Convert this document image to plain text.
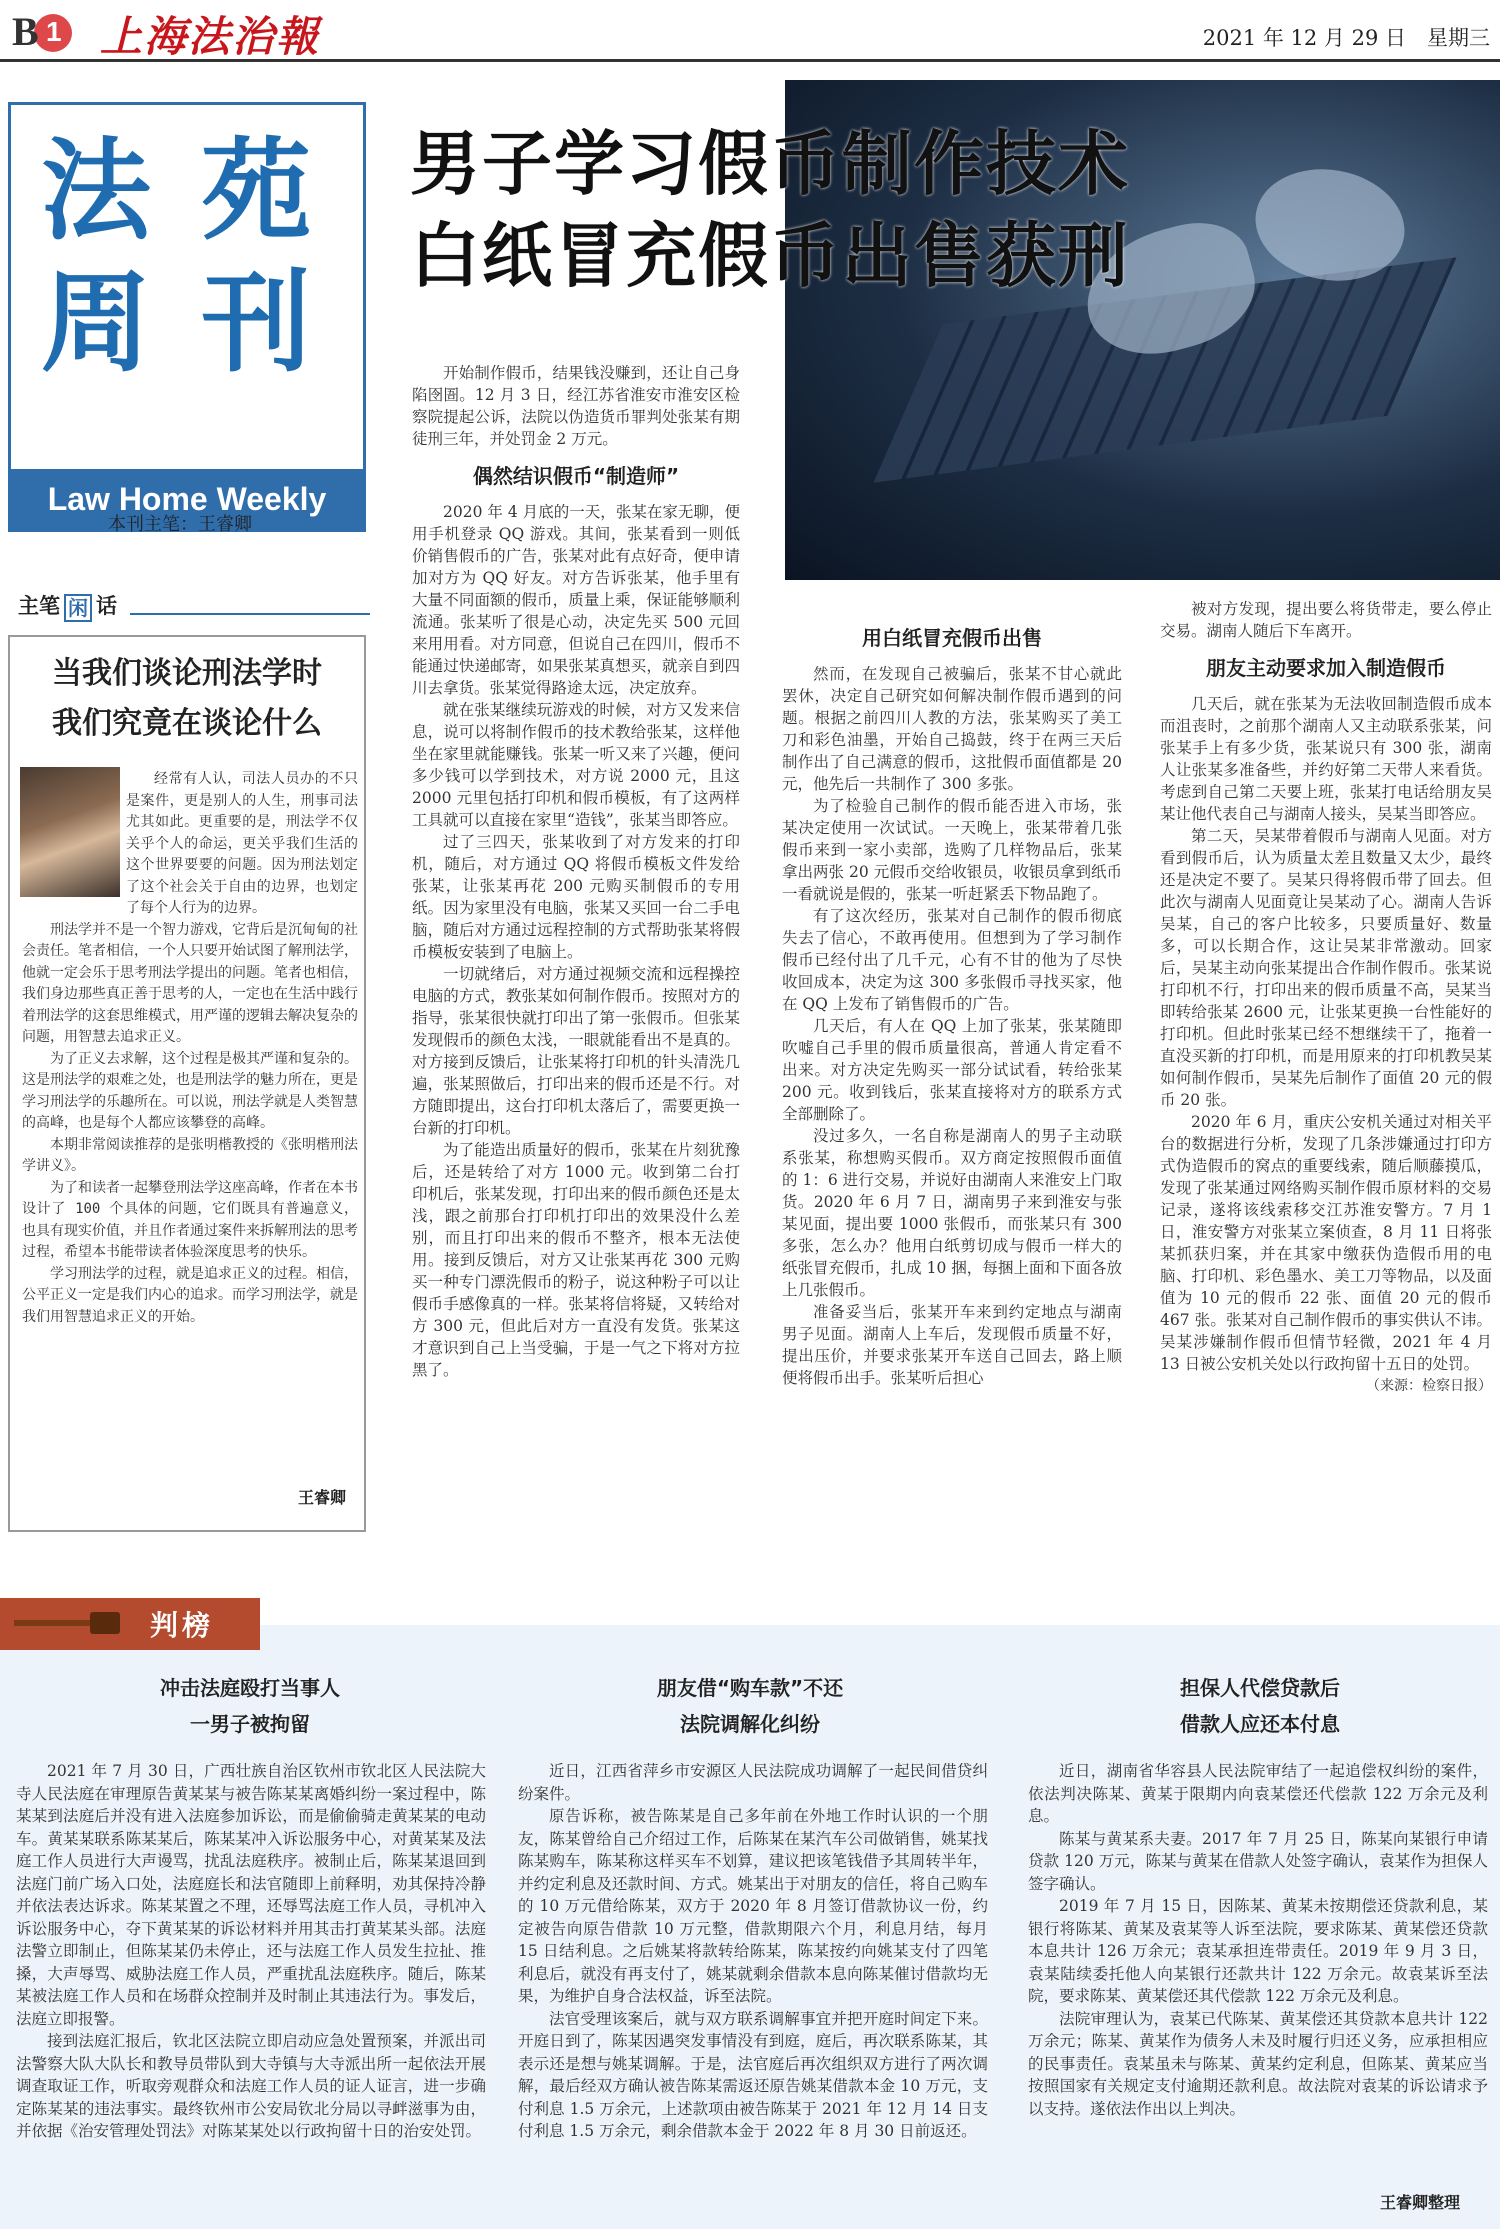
B 1 上海法治報	2021 年 12 月 29 日　星期三
法 苑
周 刊
Law Home Weekly
本刊主笔：王睿卿
主笔 闲 话
当我们谈论刑法学时
我们究竟在谈论什么

经常有人认，司法人员办的不只是案件，更是别人的人生，刑事司法尤其如此。更重要的是，刑法学不仅关乎个人的命运，更关乎我们生活的这个世界要要的问题。因为刑法划定了这个社会关于自由的边界，也划定了每个人行为的边界。

刑法学并不是一个智力游戏，它背后是沉甸甸的社会责任。笔者相信，一个人只要开始试图了解刑法学，他就一定会乐于思考刑法学提出的问题。笔者也相信，我们身边那些真正善于思考的人，一定也在生活中践行着刑法学的这套思维模式，用严谨的逻辑去解决复杂的问题，用智慧去追求正义。

为了正义去求解，这个过程是极其严谨和复杂的。这是刑法学的艰难之处，也是刑法学的魅力所在，更是学习刑法学的乐趣所在。可以说，刑法学就是人类智慧的高峰，也是每个人都应该攀登的高峰。

本期非常阅读推荐的是张明楷教授的《张明楷刑法学讲义》。

为了和读者一起攀登刑法学这座高峰，作者在本书设计了 100 个具体的问题，它们既具有普遍意义，也具有现实价值，并且作者通过案件来拆解刑法的思考过程，希望本书能带读者体验深度思考的快乐。

学习刑法学的过程，就是追求正义的过程。相信，公平正义一定是我们内心的追求。而学习刑法学，就是我们用智慧追求正义的开始。

王睿卿
男子学习假币制作技术
白纸冒充假币出售获刑

开始制作假币，结果钱没赚到，还让自己身陷囹圄。12 月 3 日，经江苏省淮安市淮安区检察院提起公诉，法院以伪造货币罪判处张某有期徒刑三年，并处罚金 2 万元。

偶然结识假币“制造师”

2020 年 4 月底的一天，张某在家无聊，便用手机登录 QQ 游戏。其间，张某看到一则低价销售假币的广告，张某对此有点好奇，便申请加对方为 QQ 好友。对方告诉张某，他手里有大量不同面额的假币，质量上乘，保证能够顺利流通。张某听了很是心动，决定先买 500 元回来用用看。对方同意，但说自己在四川，假币不能通过快递邮寄，如果张某真想买，就亲自到四川去拿货。张某觉得路途太远，决定放弃。

就在张某继续玩游戏的时候，对方又发来信息，说可以将制作假币的技术教给张某，这样他坐在家里就能赚钱。张某一听又来了兴趣，便问多少钱可以学到技术，对方说 2000 元，且这 2000 元里包括打印机和假币模板，有了这两样工具就可以直接在家里“造钱”，张某当即答应。

过了三四天，张某收到了对方发来的打印机，随后，对方通过 QQ 将假币模板文件发给张某，让张某再花 200 元购买制假币的专用纸。因为家里没有电脑，张某又买回一台二手电脑，随后对方通过远程控制的方式帮助张某将假币模板安装到了电脑上。

一切就绪后，对方通过视频交流和远程操控电脑的方式，教张某如何制作假币。按照对方的指导，张某很快就打印出了第一张假币。但张某发现假币的颜色太浅，一眼就能看出不是真的。对方接到反馈后，让张某将打印机的针头清洗几遍，张某照做后，打印出来的假币还是不行。对方随即提出，这台打印机太落后了，需要更换一台新的打印机。

为了能造出质量好的假币，张某在片刻犹豫后，还是转给了对方 1000 元。收到第二台打印机后，张某发现，打印出来的假币颜色还是太浅，跟之前那台打印机打印出的效果没什么差别，而且打印出来的假币不整齐，根本无法使用。接到反馈后，对方又让张某再花 300 元购买一种专门漂洗假币的粉子，说这种粉子可以让假币手感像真的一样。张某将信将疑，又转给对方 300 元，但此后对方一直没有发货。张某这才意识到自己上当受骗，于是一气之下将对方拉黑了。

用白纸冒充假币出售

然而，在发现自己被骗后，张某不甘心就此罢休，决定自己研究如何解决制作假币遇到的问题。根据之前四川人教的方法，张某购买了美工刀和彩色油墨，开始自己捣鼓，终于在两三天后制作出了自己满意的假币，这批假币面值都是 20 元，他先后一共制作了 300 多张。

为了检验自己制作的假币能否进入市场，张某决定使用一次试试。一天晚上，张某带着几张假币来到一家小卖部，选购了几样物品后，张某拿出两张 20 元假币交给收银员，收银员拿到纸币一看就说是假的，张某一听赶紧丢下物品跑了。

有了这次经历，张某对自己制作的假币彻底失去了信心，不敢再使用。但想到为了学习制作假币已经付出了几千元，心有不甘的他为了尽快收回成本，决定为这 300 多张假币寻找买家，他在 QQ 上发布了销售假币的广告。

几天后，有人在 QQ 上加了张某，张某随即吹嘘自己手里的假币质量很高，普通人肯定看不出来。对方决定先购买一部分试试看，转给张某 200 元。收到钱后，张某直接将对方的联系方式全部删除了。

没过多久，一名自称是湖南人的男子主动联系张某，称想购买假币。双方商定按照假币面值的 1：6 进行交易，并说好由湖南人来淮安上门取货。2020 年 6 月 7 日，湖南男子来到淮安与张某见面，提出要 1000 张假币，而张某只有 300 多张，怎么办？他用白纸剪切成与假币一样大的纸张冒充假币，扎成 10 捆，每捆上面和下面各放上几张假币。

准备妥当后，张某开车来到约定地点与湖南男子见面。湖南人上车后，发现假币质量不好，提出压价，并要求张某开车送自己回去，路上顺便将假币出手。张某听后担心

被对方发现，提出要么将货带走，要么停止交易。湖南人随后下车离开。

朋友主动要求加入制造假币

几天后，就在张某为无法收回制造假币成本而沮丧时，之前那个湖南人又主动联系张某，问张某手上有多少货，张某说只有 300 张，湖南人让张某多准备些，并约好第二天带人来看货。考虑到自己第二天要上班，张某打电话给朋友吴某让他代表自己与湖南人接头，吴某当即答应。

第二天，吴某带着假币与湖南人见面。对方看到假币后，认为质量太差且数量又太少，最终还是决定不要了。吴某只得将假币带了回去。但此次与湖南人见面竟让吴某动了心。湖南人告诉吴某，自己的客户比较多，只要质量好、数量多，可以长期合作，这让吴某非常激动。回家后，吴某主动向张某提出合作制作假币。张某说打印机不行，打印出来的假币质量不高，吴某当即转给张某 2600 元，让张某更换一台性能好的打印机。但此时张某已经不想继续干了，拖着一直没买新的打印机，而是用原来的打印机教吴某如何制作假币，吴某先后制作了面值 20 元的假币 20 张。

2020 年 6 月，重庆公安机关通过对相关平台的数据进行分析，发现了几条涉嫌通过打印方式伪造假币的窝点的重要线索，随后顺藤摸瓜，发现了张某通过网络购买制作假币原材料的交易记录，遂将该线索移交江苏淮安警方。7 月 1 日，淮安警方对张某立案侦查，8 月 11 日将张某抓获归案，并在其家中缴获伪造假币用的电脑、打印机、彩色墨水、美工刀等物品，以及面值为 10 元的假币 22 张、面值 20 元的假币 467 张。张某对自己制作假币的事实供认不讳。吴某涉嫌制作假币但情节轻微，2021 年 4 月 13 日被公安机关处以行政拘留十五日的处罚。

（来源：检察日报）
判榜
冲击法庭殴打当事人
一男子被拘留

2021 年 7 月 30 日，广西壮族自治区钦州市钦北区人民法院大寺人民法庭在审理原告黄某某与被告陈某某离婚纠纷一案过程中，陈某某到法庭后并没有进入法庭参加诉讼，而是偷偷骑走黄某某的电动车。黄某某联系陈某某后，陈某某冲入诉讼服务中心，对黄某某及法庭工作人员进行大声谩骂，扰乱法庭秩序。被制止后，陈某某退回到法庭门前广场入口处，法庭庭长和法官随即上前释明，劝其保持冷静并依法表达诉求。陈某某置之不理，还辱骂法庭工作人员，寻机冲入诉讼服务中心，夺下黄某某的诉讼材料并用其击打黄某某头部。法庭法警立即制止，但陈某某仍未停止，还与法庭工作人员发生拉扯、推搡，大声辱骂、威胁法庭工作人员，严重扰乱法庭秩序。随后，陈某某被法庭工作人员和在场群众控制并及时制止其违法行为。事发后，法庭立即报警。

接到法庭汇报后，钦北区法院立即启动应急处置预案，并派出司法警察大队大队长和教导员带队到大寺镇与大寺派出所一起依法开展调查取证工作，听取旁观群众和法庭工作人员的证人证言，进一步确定陈某某的违法事实。最终钦州市公安局钦北分局以寻衅滋事为由，并依据《治安管理处罚法》对陈某某处以行政拘留十日的治安处罚。

朋友借“购车款”不还
法院调解化纠纷

近日，江西省萍乡市安源区人民法院成功调解了一起民间借贷纠纷案件。

原告诉称，被告陈某是自己多年前在外地工作时认识的一个朋友，陈某曾给自己介绍过工作，后陈某在某汽车公司做销售，姚某找陈某购车，陈某称这样买车不划算，建议把该笔钱借予其周转半年，并约定利息及还款时间、方式。姚某出于对朋友的信任，将自己购车的 10 万元借给陈某，双方于 2020 年 8 月签订借款协议一份，约定被告向原告借款 10 万元整，借款期限六个月，利息月结，每月 15 日结利息。之后姚某将款转给陈某，陈某按约向姚某支付了四笔利息后，就没有再支付了，姚某就剩余借款本息向陈某催讨借款均无果，为维护自身合法权益，诉至法院。

法官受理该案后，就与双方联系调解事宜并把开庭时间定下来。开庭日到了，陈某因遇突发事情没有到庭，庭后，再次联系陈某，其表示还是想与姚某调解。于是，法官庭后再次组织双方进行了两次调解，最后经双方确认被告陈某需返还原告姚某借款本金 10 万元，支付利息 1.5 万余元，上述款项由被告陈某于 2021 年 12 月 14 日支付利息 1.5 万余元，剩余借款本金于 2022 年 8 月 30 日前返还。

担保人代偿贷款后
借款人应还本付息

近日，湖南省华容县人民法院审结了一起追偿权纠纷的案件，依法判决陈某、黄某于限期内向袁某偿还代偿款 122 万余元及利息。

陈某与黄某系夫妻。2017 年 7 月 25 日，陈某向某银行申请贷款 120 万元，陈某与黄某在借款人处签字确认，袁某作为担保人签字确认。

2019 年 7 月 15 日，因陈某、黄某未按期偿还贷款利息，某银行将陈某、黄某及袁某等人诉至法院，要求陈某、黄某偿还贷款本息共计 126 万余元；袁某承担连带责任。2019 年 9 月 3 日，袁某陆续委托他人向某银行还款共计 122 万余元。故袁某诉至法院，要求陈某、黄某偿还其代偿款 122 万余元及利息。

法院审理认为，袁某已代陈某、黄某偿还其贷款本息共计 122 万余元；陈某、黄某作为债务人未及时履行归还义务，应承担相应的民事责任。袁某虽未与陈某、黄某约定利息，但陈某、黄某应当按照国家有关规定支付逾期还款利息。故法院对袁某的诉讼请求予以支持。遂依法作出以上判决。

王睿卿整理
